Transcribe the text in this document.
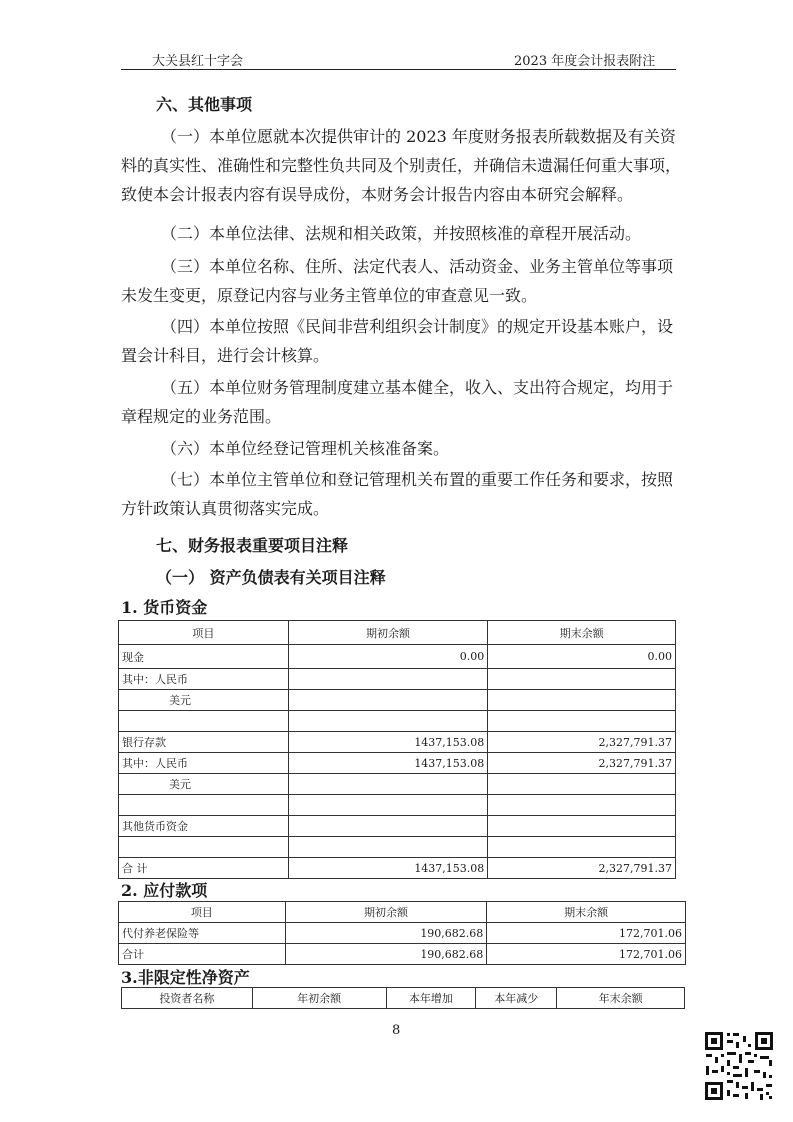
大关县红十字会	2023 年度会计报表附注
六、其他事项
（一）本单位愿就本次提供审计的 2023 年度财务报表所载数据及有关资料的真实性、准确性和完整性负共同及个别责任，并确信未遗漏任何重大事项，致使本会计报表内容有误导成份，本财务会计报告内容由本研究会解释。
（二）本单位法律、法规和相关政策，并按照核准的章程开展活动。
（三）本单位名称、住所、法定代表人、活动资金、业务主管单位等事项未发生变更，原登记内容与业务主管单位的审查意见一致。
（四）本单位按照《民间非营利组织会计制度》的规定开设基本账户，设置会计科目，进行会计核算。
（五）本单位财务管理制度建立基本健全，收入、支出符合规定，均用于章程规定的业务范围。
（六）本单位经登记管理机关核准备案。
（七）本单位主管单位和登记管理机关布置的重要工作任务和要求，按照方针政策认真贯彻落实完成。
七、财务报表重要项目注释
（一） 资产负债表有关项目注释
1. 货币资金
项目	期初余额	期末余额
现金	0.00	0.00
其中：人民币		
美元		

银行存款	1437,153.08	2,327,791.37
其中：人民币	1437,153.08	2,327,791.37
美元		

其他货币资金		

合 计	1437,153.08	2,327,791.37
2. 应付款项
项目	期初余额	期末余额
代付养老保险等	190,682.68	172,701.06
合计	190,682.68	172,701.06
3.非限定性净资产
投资者名称	年初余额	本年增加	本年减少	年末余额
8
